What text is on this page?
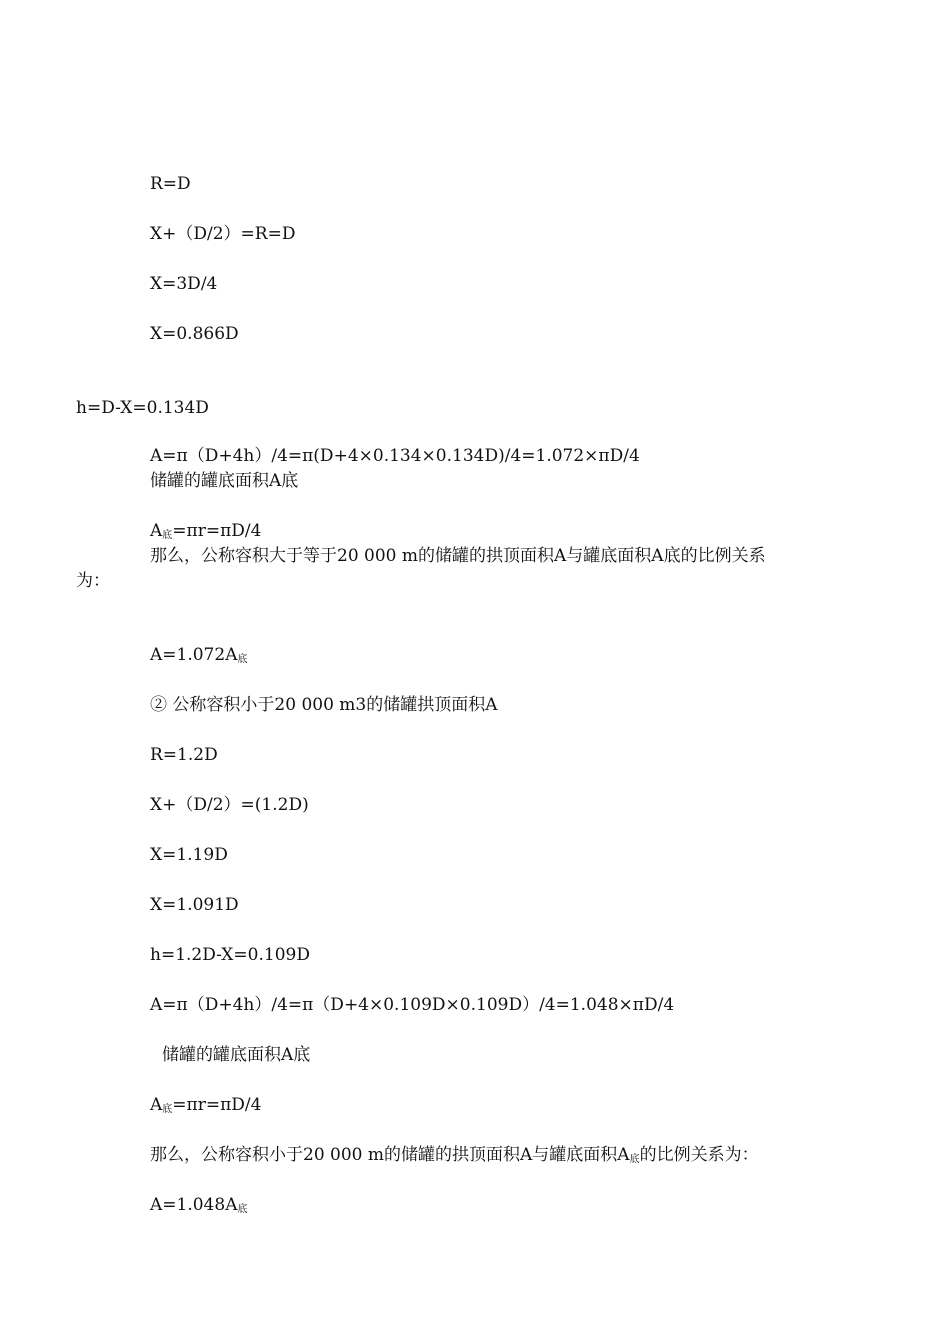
R=D
X+（D/2）=R=D
X=3D/4
X=0.866D
h=D-X=0.134D
A=π（D+4h）/4=π(D+4×0.134×0.134D)/4=1.072×πD/4
储罐的罐底面积A底
$A_底=\pi r=\pi D/4$
那么，公称容积大于等于20 000 m的储罐的拱顶面积A与罐底面积A底的比例关系
为：
$A=1.072A_底$
② 公称容积小于20 000 m3的储罐拱顶面积A
R=1.2D
X+（D/2）=(1.2D)
X=1.19D
X=1.091D
h=1.2D-X=0.109D
A=π（D+4h）/4=π（D+4×0.109D×0.109D）/4=1.048×πD/4
储罐的罐底面积A底
$A_底=\pi r=\pi D/4$
那么，公称容积小于20 000 m的储罐的拱顶面积A与罐底面积$A_底$的比例关系为：
$A=1.048A_底$
